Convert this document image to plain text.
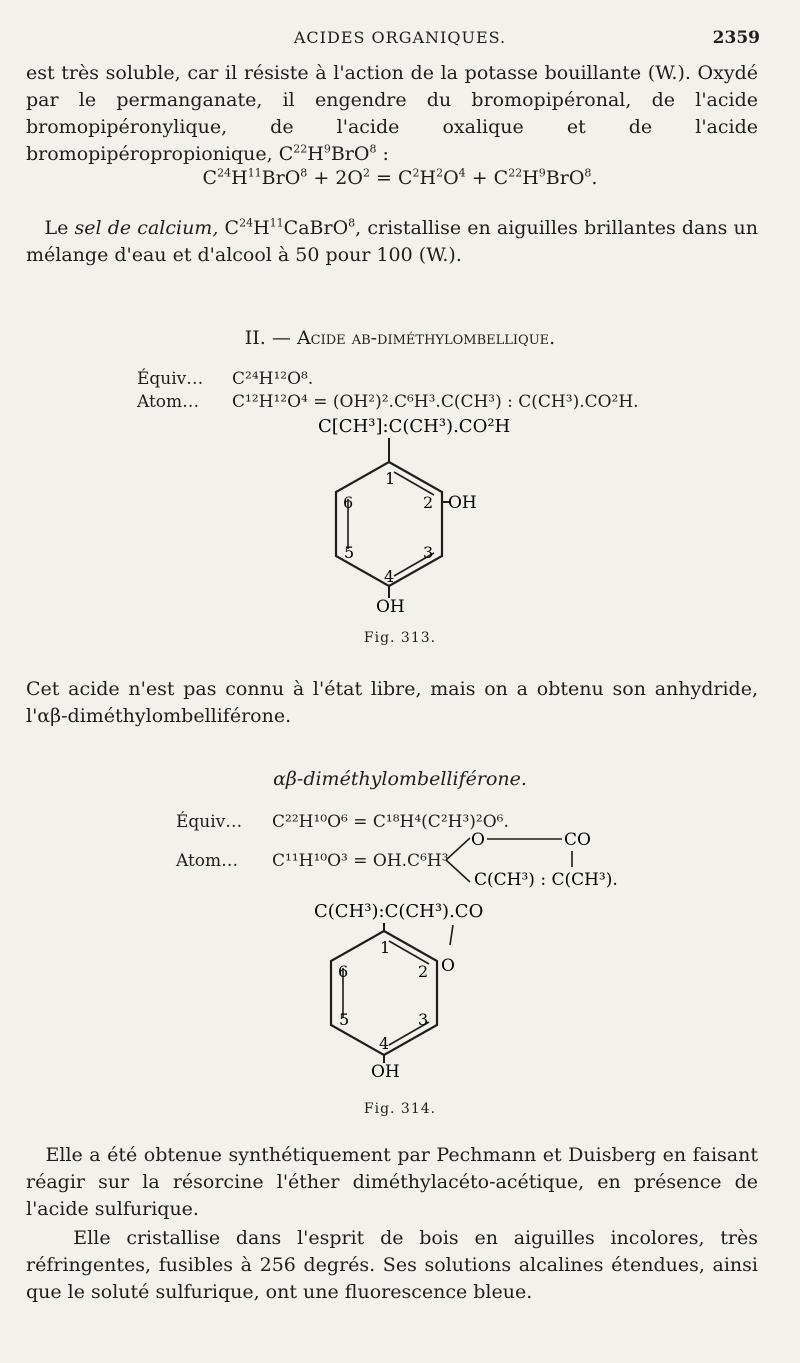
ACIDES ORGANIQUES.	2359

est très soluble, car il résiste à l'action de la potasse bouillante (W.). Oxydé par le permanganate, il engendre du bromopipéronal, de l'acide bromopipéronylique, de l'acide oxalique et de l'acide bromopipéropropionique, $C^{22}H^9BrO^8$ :

$C^{24}H^{11}BrO^8 + 2O^2 = C^2H^2O^4 + C^{22}H^9BrO^8$.

Le sel de calcium, $C^{24}H^{11}CaBrO^8$, cristallise en aiguilles brillantes dans un mélange d'eau et d'alcool à 50 pour 100 (W.).

II. — Acide αβ-diméthylombellique.
Équiv… C²⁴H¹²O⁸.
Atom… C¹²H¹²O⁴ = (OH²)².C⁶H³.C(CH³) : C(CH³).CO²H.
C[CH³]:C(CH³).CO²H
1
2
3
4
5
6	OH
OH
Fig. 313.

Cet acide n'est pas connu à l'état libre, mais on a obtenu son anhydride, l'αβ-diméthylombelliférone.

αβ-diméthylombelliférone.
Équiv… C²²H¹⁰O⁶ = C¹⁸H⁴(C²H³)²O⁶.
Atom… C¹¹H¹⁰O³ = OH.C⁶H³
O	CO
C(CH³) : C(CH³).
C(CH³):C(CH³).CO
1
2
3
4
5
6	O
OH
Fig. 314.

Elle a été obtenue synthétiquement par Pechmann et Duisberg en faisant réagir sur la résorcine l'éther diméthylacéto-acétique, en présence de l'acide sulfurique.

Elle cristallise dans l'esprit de bois en aiguilles incolores, très réfringentes, fusibles à 256 degrés. Ses solutions alcalines étendues, ainsi que le soluté sulfurique, ont une fluorescence bleue.
